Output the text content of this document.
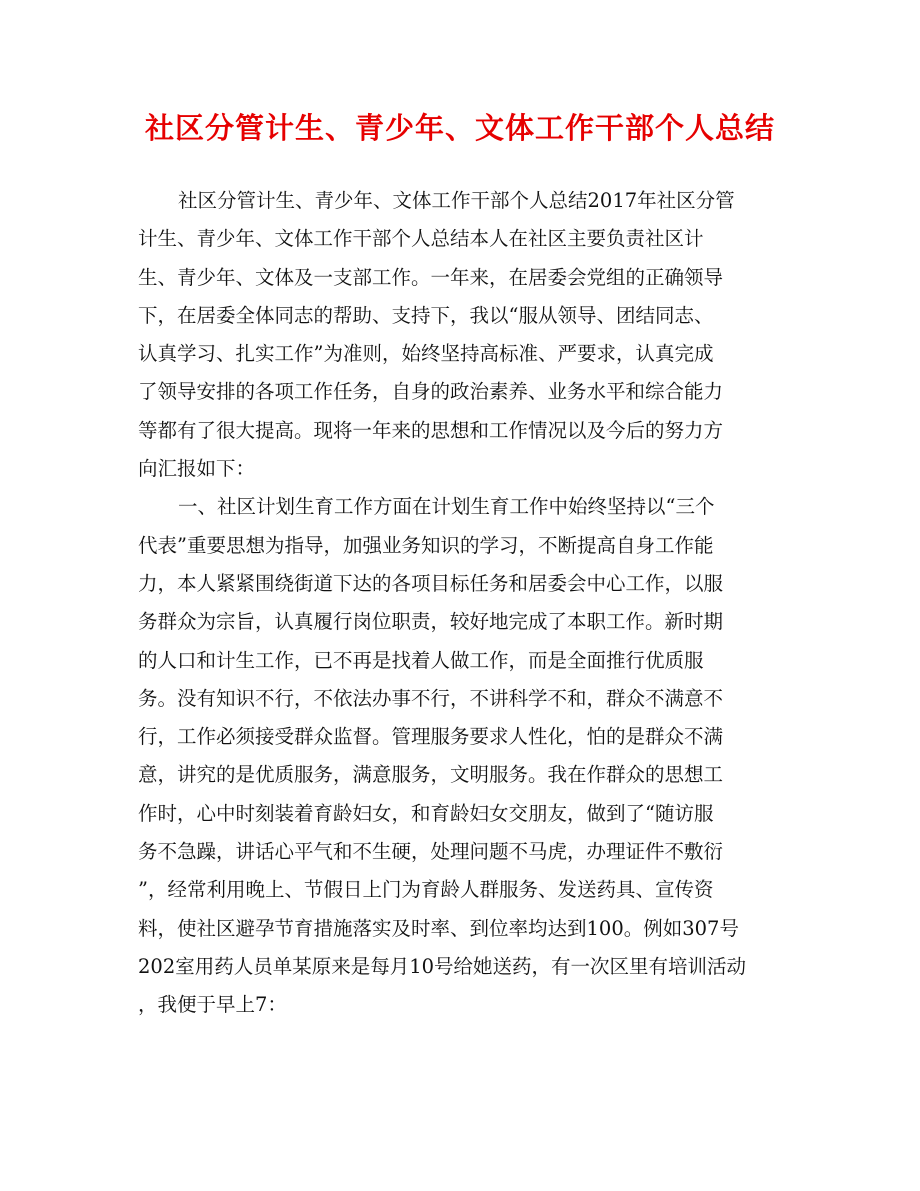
社区分管计生、青少年、文体工作干部个人总结
社区分管计生、青少年、文体工作干部个人总结2017年社区分管
计生、青少年、文体工作干部个人总结本人在社区主要负责社区计
生、青少年、文体及一支部工作。一年来，在居委会党组的正确领导
下，在居委全体同志的帮助、支持下，我以“服从领导、团结同志、
认真学习、扎实工作”为准则，始终坚持高标准、严要求，认真完成
了领导安排的各项工作任务，自身的政治素养、业务水平和综合能力
等都有了很大提高。现将一年来的思想和工作情况以及今后的努力方
向汇报如下：
一、社区计划生育工作方面在计划生育工作中始终坚持以“三个
代表”重要思想为指导，加强业务知识的学习，不断提高自身工作能
力，本人紧紧围绕街道下达的各项目标任务和居委会中心工作，以服
务群众为宗旨，认真履行岗位职责，较好地完成了本职工作。新时期
的人口和计生工作，已不再是找着人做工作，而是全面推行优质服
务。没有知识不行，不依法办事不行，不讲科学不和，群众不满意不
行，工作必须接受群众监督。管理服务要求人性化，怕的是群众不满
意，讲究的是优质服务，满意服务，文明服务。我在作群众的思想工
作时，心中时刻装着育龄妇女，和育龄妇女交朋友，做到了“随访服
务不急躁，讲话心平气和不生硬，处理问题不马虎，办理证件不敷衍
”，经常利用晚上、节假日上门为育龄人群服务、发送药具、宣传资
料，使社区避孕节育措施落实及时率、到位率均达到100。例如307号
202室用药人员单某原来是每月10号给她送药，有一次区里有培训活动
，我便于早上7：
